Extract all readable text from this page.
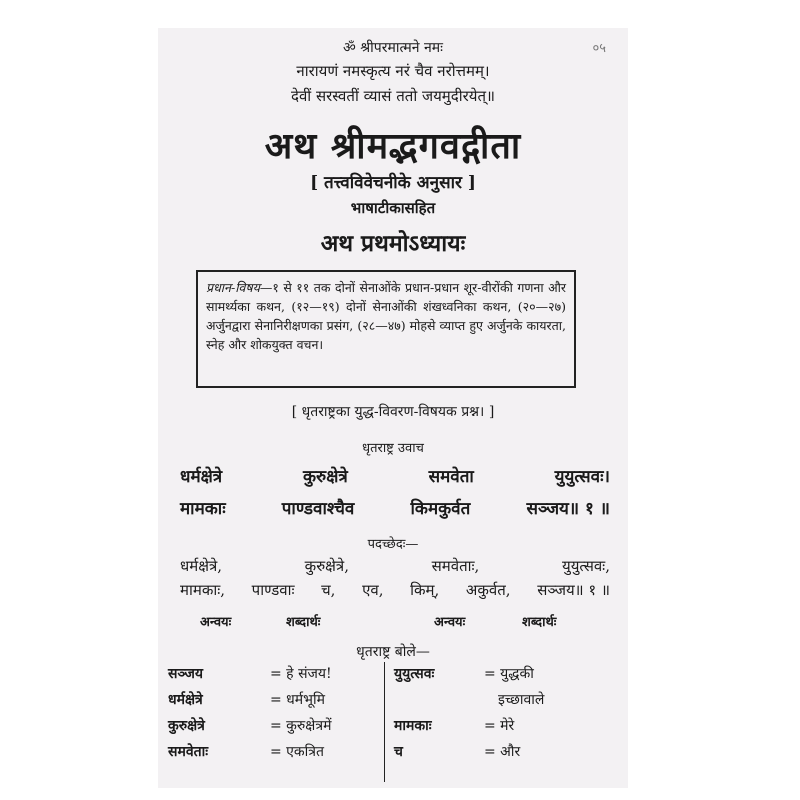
०५
ॐ श्रीपरमात्मने नमः
नारायणं नमस्कृत्य नरं चैव नरोत्तमम्।
देवीं सरस्वतीं व्यासं ततो जयमुदीरयेत्॥
अथ श्रीमद्भगवद्गीता
[ तत्त्वविवेचनीके अनुसार ]
भाषाटीकासहित
अथ प्रथमोऽध्यायः
प्रधान-विषय—१ से ११ तक दोनों सेनाओंके प्रधान-प्रधान शूर-वीरोंकी गणना और सामर्थ्यका कथन, (१२—१९) दोनों सेनाओंकी शंखध्वनिका कथन, (२०—२७) अर्जुनद्वारा सेनानिरीक्षणका प्रसंग, (२८—४७) मोहसे व्याप्त हुए अर्जुनके कायरता, स्नेह और शोकयुक्त वचन।
[ धृतराष्ट्रका युद्ध-विवरण-विषयक प्रश्न। ]
धृतराष्ट्र उवाच
धर्मक्षेत्रे	कुरुक्षेत्रे	समवेता	युयुत्सवः।
मामकाः	पाण्डवाश्चैव	किमकुर्वत	सञ्जय॥ १ ॥
पदच्छेदः—
धर्मक्षेत्रे,	कुरुक्षेत्रे,	समवेताः,	युयुत्सवः,
मामकाः, पाण्डवाः च, एव, किम्, अकुर्वत, सञ्जय॥ १ ॥
अन्वयः	शब्दार्थः	अन्वयः	शब्दार्थः
धृतराष्ट्र बोले—
सञ्जय	= हे संजय!
धर्मक्षेत्रे	= धर्मभूमि
कुरुक्षेत्रे	= कुरुक्षेत्रमें
समवेताः	= एकत्रित
युयुत्सवः	= युद्धकी
इच्छावाले
मामकाः	= मेरे
च	= और
